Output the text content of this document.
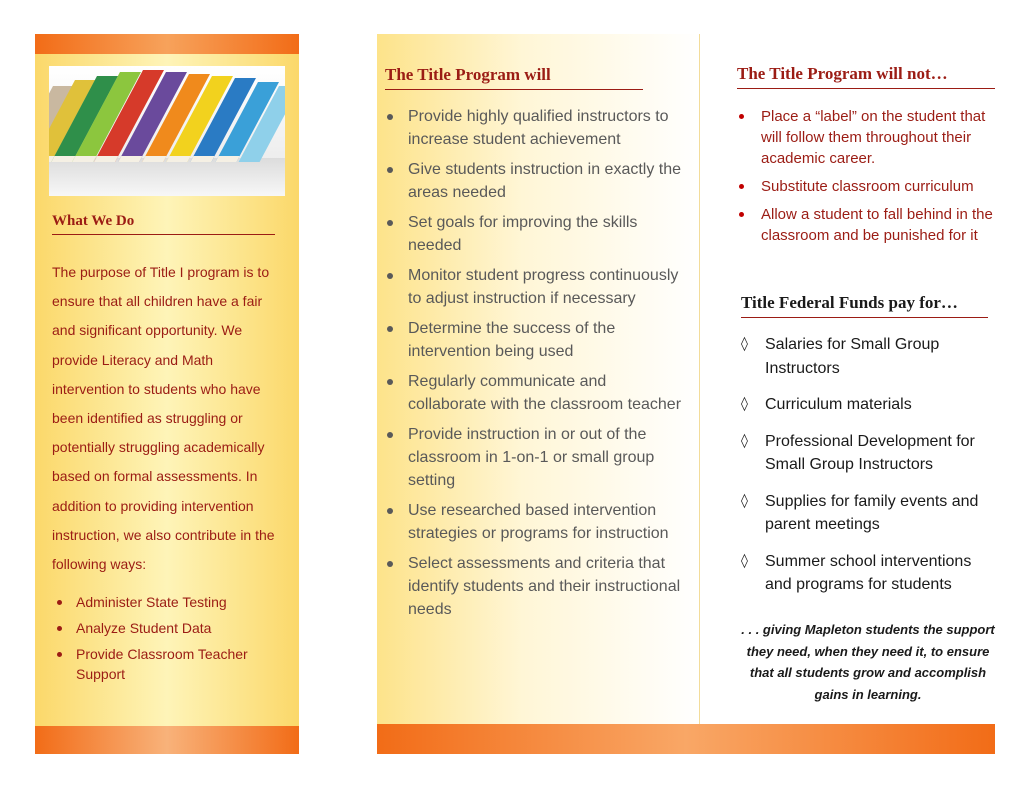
What We Do
The purpose of Title I program is to ensure that all children have a fair and significant opportunity. We provide Literacy and Math intervention to students who have been identified as struggling or potentially struggling academically based on formal assessments. In addition to providing intervention instruction, we also contribute in the following ways:
Administer State Testing
Analyze Student Data
Provide Classroom Teacher Support
The Title Program will
Provide highly qualified instructors to increase student achievement
Give students instruction in exactly the areas needed
Set goals for improving the skills needed
Monitor student progress continuously to adjust instruction if necessary
Determine the success of the intervention being used
Regularly communicate and collaborate with the classroom teacher
Provide instruction in or out of the classroom in 1-on-1 or small group setting
Use researched based intervention strategies or programs for instruction
Select assessments and criteria that identify students and their instructional needs
The Title Program will not…
Place a “label” on the student that will follow them throughout their academic career.
Substitute classroom curriculum
Allow a student to fall behind in the classroom and be punished for it
Title Federal Funds pay for…
◊ Salaries for Small Group Instructors
◊ Curriculum materials
◊ Professional Development for Small Group Instructors
◊ Supplies for family events and parent meetings
◊ Summer school interventions and programs for students
. . . giving Mapleton students the support they need, when they need it, to ensure that all students grow and accomplish gains in learning.
